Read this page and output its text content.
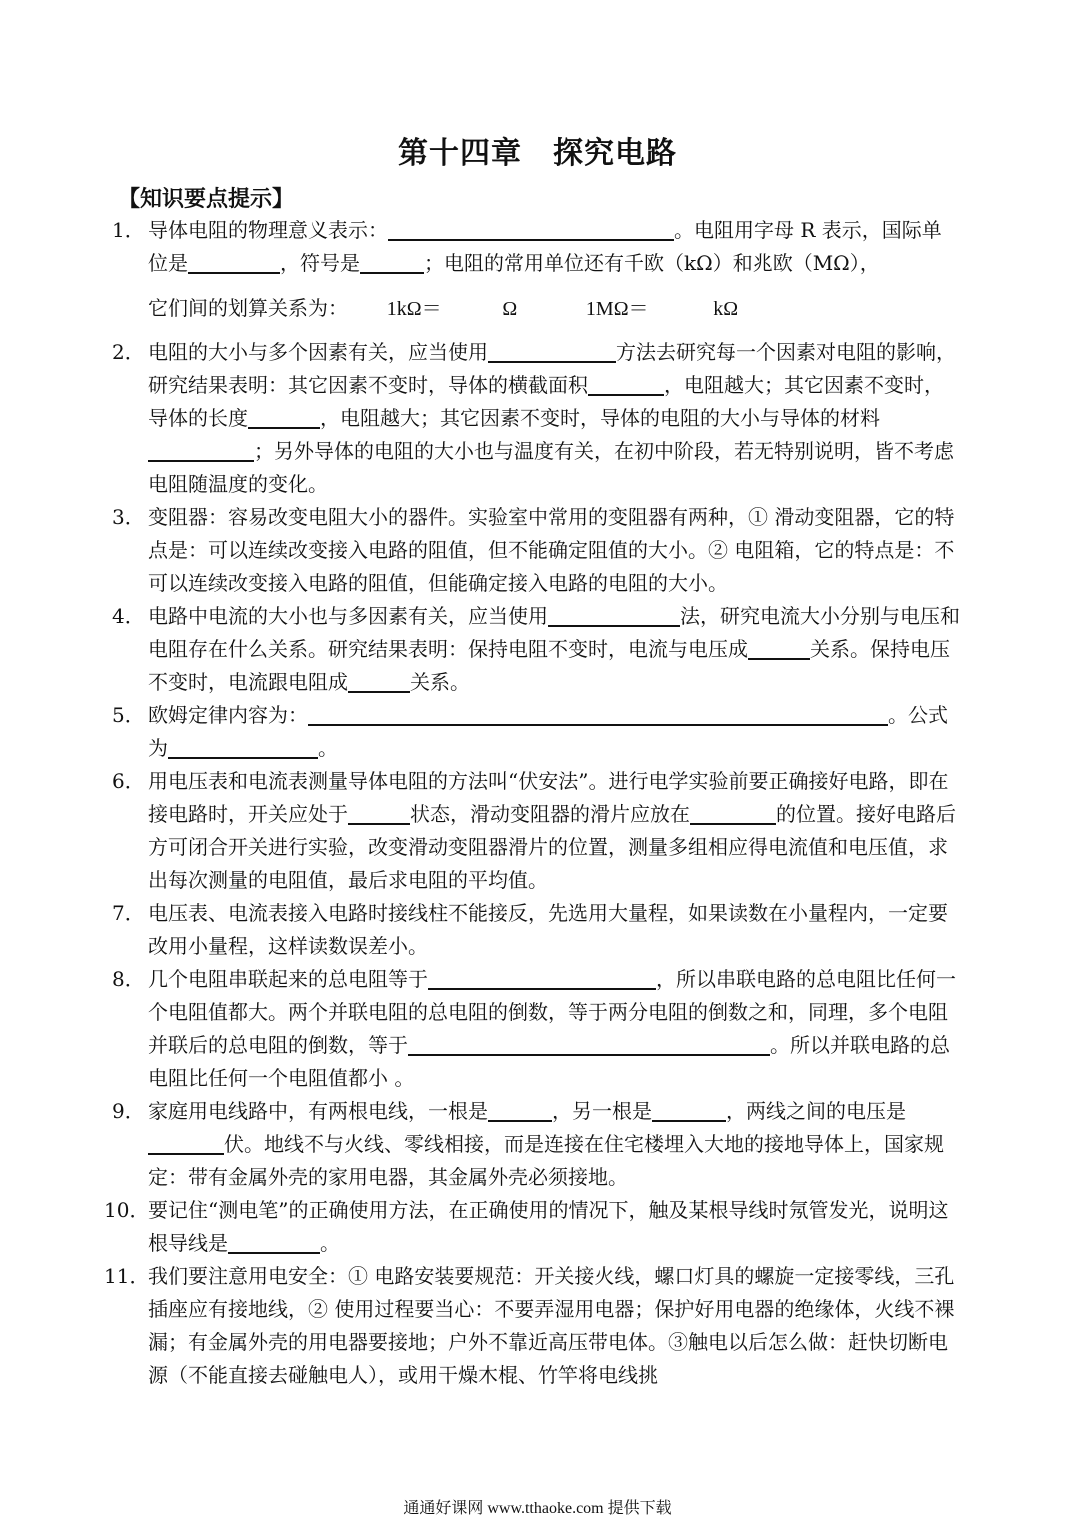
第十四章　探究电路
【知识要点提示】
1． 导体电阻的物理意义表示：	。电阻用字母 R 表示，国际单位是	，符号是	；电阻的常用单位还有千欧（kΩ）和兆欧（MΩ），
它们间的划算关系为： 1kΩ＝	Ω	1MΩ＝	kΩ
2． 电阻的大小与多个因素有关，应当使用	方法去研究每一个因素对电阻的影响，研究结果表明：其它因素不变时，导体的横截面积	，电阻越大；其它因素不变时，导体的长度	，电阻越大；其它因素不变时，导体的电阻的大小与导体的材料；另外导体的电阻的大小也与温度有关，在初中阶段，若无特别说明，皆不考虑电阻随温度的变化。
3． 变阻器：容易改变电阻大小的器件。实验室中常用的变阻器有两种，① 滑动变阻器，它的特点是：可以连续改变接入电路的阻值，但不能确定阻值的大小。② 电阻箱，它的特点是：不可以连续改变接入电路的阻值，但能确定接入电路的电阻的大小。
4． 电路中电流的大小也与多因素有关，应当使用	法，研究电流大小分别与电压和电阻存在什么关系。研究结果表明：保持电阻不变时，电流与电压成	关系。保持电压不变时，电流跟电阻成	关系。
5． 欧姆定律内容为：	。公式为	。
6． 用电压表和电流表测量导体电阻的方法叫“伏安法”。进行电学实验前要正确接好电路，即在接电路时，开关应处于	状态，滑动变阻器的滑片应放在	的位置。接好电路后方可闭合开关进行实验，改变滑动变阻器滑片的位置，测量多组相应得电流值和电压值，求出每次测量的电阻值，最后求电阻的平均值。
7． 电压表、电流表接入电路时接线柱不能接反，先选用大量程，如果读数在小量程内，一定要改用小量程，这样读数误差小。
8． 几个电阻串联起来的总电阻等于	，所以串联电路的总电阻比任何一个电阻值都大。两个并联电阻的总电阻的倒数，等于两分电阻的倒数之和，同理，多个电阻并联后的总电阻的倒数，等于	。所以并联电路的总电阻比任何一个电阻值都小 。
9． 家庭用电线路中，有两根电线，一根是	，另一根是	，两线之间的电压是伏。地线不与火线、零线相接，而是连接在住宅楼埋入大地的接地导体上，国家规定：带有金属外壳的家用电器，其金属外壳必须接地。
10．
要记住“测电笔”的正确使用方法，在正确使用的情况下，触及某根导线时氖管发光，说明这根导线是	。
11．
我们要注意用电安全：① 电路安装要规范：开关接火线，螺口灯具的螺旋一定接零线，三孔插座应有接地线，② 使用过程要当心：不要弄湿用电器；保护好用电器的绝缘体，火线不裸漏；有金属外壳的用电器要接地；户外不靠近高压带电体。③触电以后怎么做：赶快切断电源（不能直接去碰触电人），或用干燥木棍、竹竿将电线挑
通通好课网 www.tthaoke.com 提供下载
